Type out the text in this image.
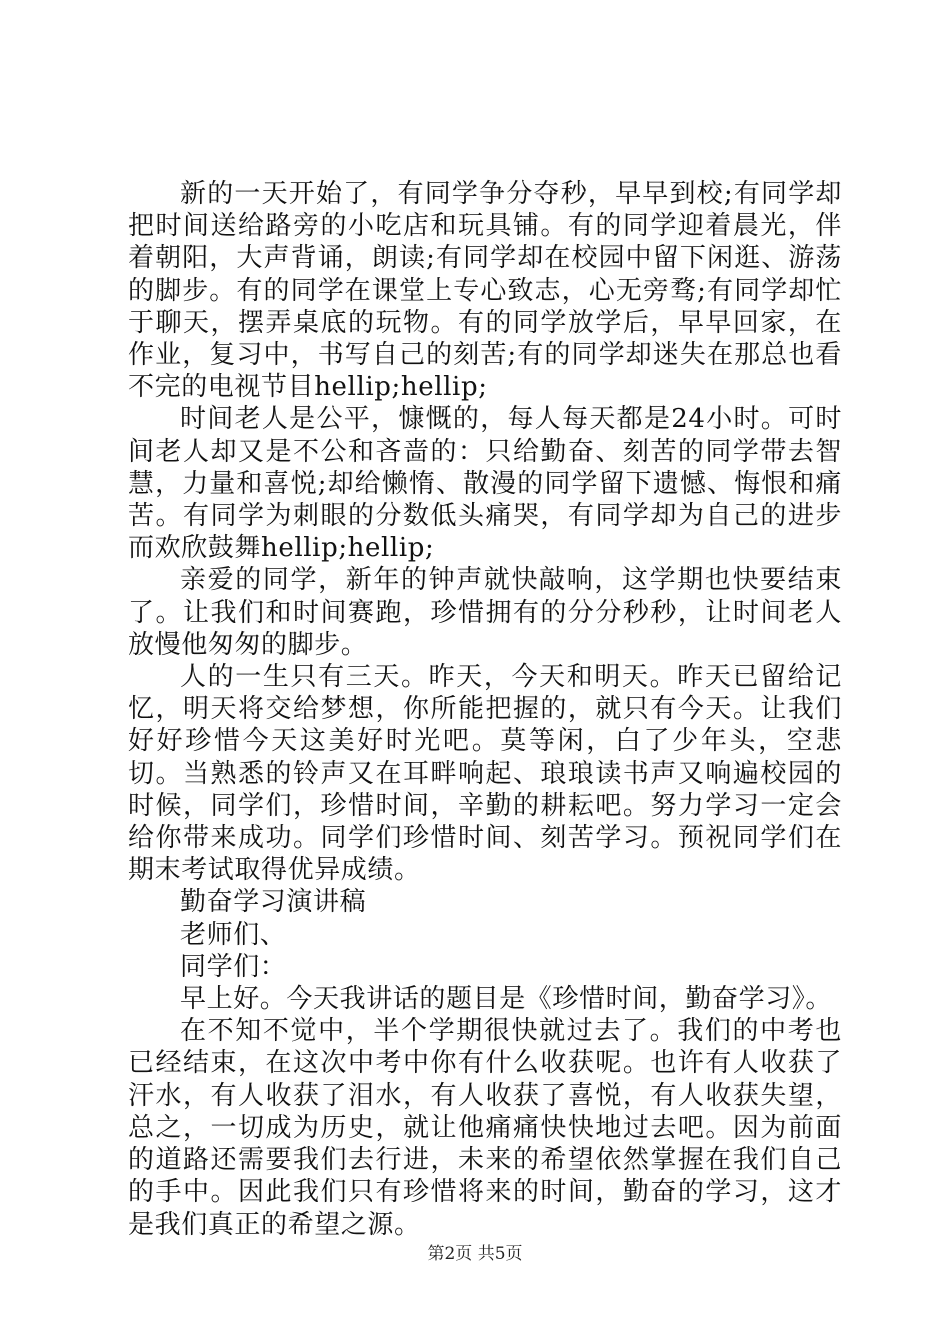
新的一天开始了，有同学争分夺秒，早早到校;有同学却把时间送给路旁的小吃店和玩具铺。有的同学迎着晨光，伴着朝阳，大声背诵，朗读;有同学却在校园中留下闲逛、游荡的脚步。有的同学在课堂上专心致志，心无旁骛;有同学却忙于聊天，摆弄桌底的玩物。有的同学放学后，早早回家，在作业，复习中，书写自己的刻苦;有的同学却迷失在那总也看不完的电视节目hellip;hellip;

时间老人是公平，慷慨的，每人每天都是24小时。可时间老人却又是不公和吝啬的：只给勤奋、刻苦的同学带去智慧，力量和喜悦;却给懒惰、散漫的同学留下遗憾、悔恨和痛苦。有同学为刺眼的分数低头痛哭，有同学却为自己的进步而欢欣鼓舞hellip;hellip;

亲爱的同学，新年的钟声就快敲响，这学期也快要结束了。让我们和时间赛跑，珍惜拥有的分分秒秒，让时间老人放慢他匆匆的脚步。

人的一生只有三天。昨天，今天和明天。昨天已留给记忆，明天将交给梦想，你所能把握的，就只有今天。让我们好好珍惜今天这美好时光吧。莫等闲，白了少年头，空悲切。当熟悉的铃声又在耳畔响起、琅琅读书声又响遍校园的时候，同学们，珍惜时间，辛勤的耕耘吧。努力学习一定会给你带来成功。同学们珍惜时间、刻苦学习。预祝同学们在期末考试取得优异成绩。

勤奋学习演讲稿

老师们、

同学们：

早上好。今天我讲话的题目是《珍惜时间，勤奋学习》。

在不知不觉中，半个学期很快就过去了。我们的中考也已经结束，在这次中考中你有什么收获呢。也许有人收获了汗水，有人收获了泪水，有人收获了喜悦，有人收获失望，总之，一切成为历史，就让他痛痛快快地过去吧。因为前面的道路还需要我们去行进，未来的希望依然掌握在我们自己的手中。因此我们只有珍惜将来的时间，勤奋的学习，这才是我们真正的希望之源。

第2页 共5页
